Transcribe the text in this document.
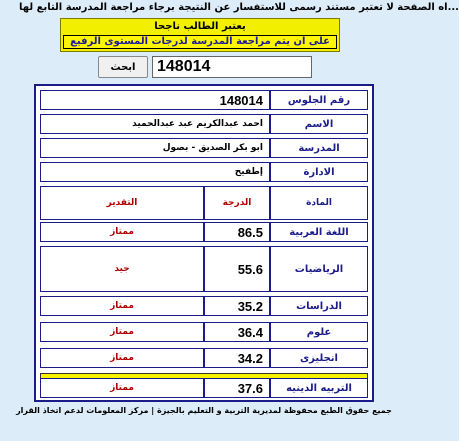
...اه الصفحة لا تعتبر مستند رسمى للاستفسار عن النتيجة برجاء مراجعة المدرسة التابع لها
يعتبر الطالب ناجحا
على ان يتم مراجعة المدرسة لدرجات المستوى الرفيع
ابحث
148014
148014	رقم الجلوس
احمد عبدالكريم عبد عبدالحميد	الاسم
ابو بكر الصديق - بصول	المدرسة
إطفيح	الادارة
التقدير	الدرجة	المادة
ممتاز	86.5	اللغة العربية
جيد	55.6	الرياضيات
ممتاز	35.2	الدراسات
ممتاز	36.4	علوم
ممتاز	34.2	انجليزى
ممتاز	37.6	التربيه الدينيه
جميع حقوق الطبع محفوظة لمديرية التربية و التعليم بالجيزة | مركز المعلومات لدعم اتخاذ القرار
